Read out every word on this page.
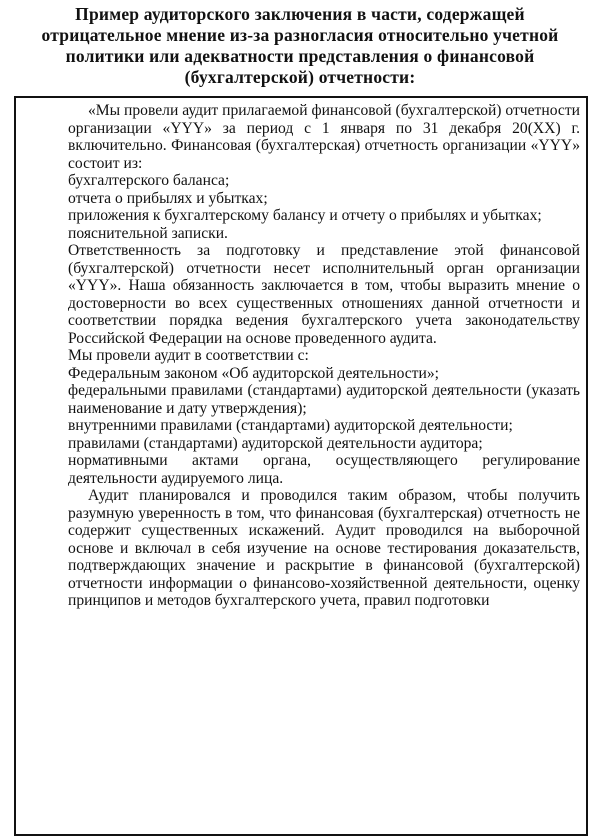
Пример аудиторского заключения в части, содержащей отрицательное мнение из-за разногласия относительно учетной политики или адекватности представления о финансовой (бухгалтерской) отчетности:

«Мы провели аудит прилагаемой финансовой (бухгалтерской) отчетности организации «YYY» за период с 1 января по 31 декабря 20(XX) г. включительно. Финансовая (бухгалтерская) отчетность организации «YYY» состоит из:

бухгалтерского баланса;

отчета о прибылях и убытках;

приложения к бухгалтерскому балансу и отчету о прибылях и убытках;

пояснительной записки.

Ответственность за подготовку и представление этой финансовой (бухгалтерской) отчетности несет исполнительный орган организации «YYY». Наша обязанность заключается в том, чтобы выразить мнение о достоверности во всех существенных отношениях данной отчетности и соответствии порядка ведения бухгалтерского учета законодательству Российской Федерации на основе проведенного аудита.

Мы провели аудит в соответствии с:

Федеральным законом «Об аудиторской деятельности»;

федеральными правилами (стандартами) аудиторской деятельности (указать наименование и дату утверждения);

внутренними правилами (стандартами) аудиторской деятельности;

правилами (стандартами) аудиторской деятельности аудитора;

нормативными актами органа, осуществляющего регулирование деятельности аудируемого лица.

Аудит планировался и проводился таким образом, чтобы получить разумную уверенность в том, что финансовая (бухгалтерская) отчетность не содержит существенных искажений. Аудит проводился на выборочной основе и включал в себя изучение на основе тестирования доказательств, подтверждающих значение и раскрытие в финансовой (бухгалтерской) отчетности информации о финансово-хозяйственной деятельности, оценку принципов и методов бухгалтерского учета, правил подготовки
